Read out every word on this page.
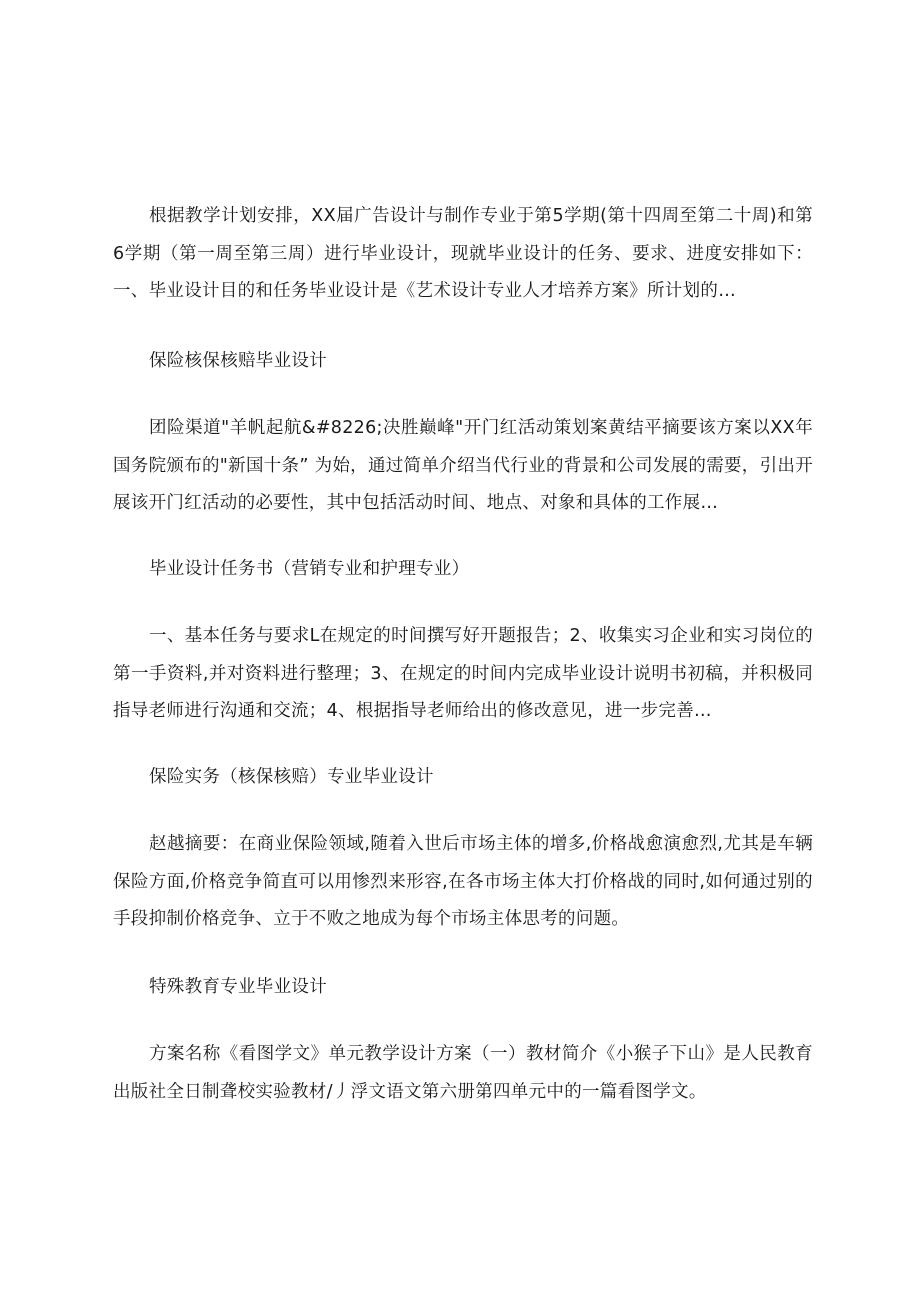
根据教学计划安排，XX届广告设计与制作专业于第5学期(第十四周至第二十周)和第6学期（第一周至第三周）进行毕业设计，现就毕业设计的任务、要求、进度安排如下：一、毕业设计目的和任务毕业设计是《艺术设计专业人才培养方案》所计划的…

保险核保核赔毕业设计

团险渠道"羊帆起航&#8226;决胜巅峰"开门红活动策划案黄结平摘要该方案以XX年国务院颁布的"新国十条” 为始，通过简单介绍当代行业的背景和公司发展的需要，引出开展该开门红活动的必要性，其中包括活动时间、地点、对象和具体的工作展…

毕业设计任务书（营销专业和护理专业）

一、基本任务与要求L在规定的时间撰写好开题报告；2、收集实习企业和实习岗位的第一手资料,并对资料进行整理；3、在规定的时间内完成毕业设计说明书初稿，并积极同指导老师进行沟通和交流；4、根据指导老师给出的修改意见，进一步完善…

保险实务（核保核赔）专业毕业设计

赵越摘要：在商业保险领域,随着入世后市场主体的增多,价格战愈演愈烈,尤其是车辆保险方面,价格竞争简直可以用惨烈来形容,在各市场主体大打价格战的同时,如何通过别的手段抑制价格竞争、立于不败之地成为每个市场主体思考的问题。

特殊教育专业毕业设计

方案名称《看图学文》单元教学设计方案（一）教材简介《小猴子下山》是人民教育出版社全日制聋校实验教材/丿浮文语文第六册第四单元中的一篇看图学文。
